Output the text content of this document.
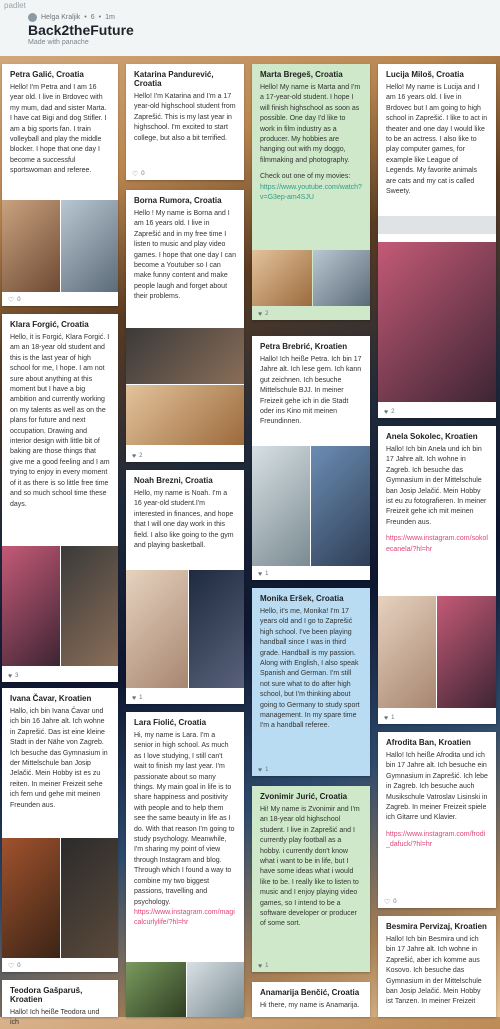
padlet
Helga Kraljik • 6 • 1m
Back2theFuture
Made with panache
Petra Galić, Croatia

Hello! I'm Petra and I am 16 year old. I live in Brdovec with my mum, dad and sister Marta. I have cat Bigi and dog Stifler. I am a big sports fan. I train volleyball and play the middle blocker. I hope that one day I become a successful sportswoman and referee.

♡ 0
Klara Forgić, Croatia

Hello, it is Forgić, Klara Forgić. I am an 18-year old student and this is the last year of high school for me, I hope. I am not sure about anything at this moment but I have a big ambition and currently working on my talents as well as on the plans for future and next occupation. Drawing and interior design with little bit of baking are those things that give me a good feeling and I am trying to enjoy in every moment of it as there is so little free time and so much school time these days.

♥ 3
Ivana Čavar, Kroatien

Hallo, ich bin Ivana Čavar und ich bin 16 Jahre alt. Ich wohne in Zaprešić. Das ist eine kleine Stadt in der Nähe von Zagreb. Ich besuche das Gymnasium in der Mittelschule ban Josip Jelačić. Mein Hobby ist es zu reiten. In meiner Freizeit sehe ich fern und gehe mit meinen Freunden aus.

♡ 0
Teodora Gašparuš, Kroatien

Hallo! Ich heiße Teodora und ich

Katarina Pandurević, Croatia

Hello! I'm Katarina and I'm a 17 year-old highschool student from Zaprešić. This is my last year in highschool. I'm excited to start college, but also a bit terrified.

♡ 0
Borna Rumora, Croatia

Hello ! My name is Borna and I am 16 years old. I live in Zaprešić and in my free time I listen to music and play video games. I hope that one day I can become a Youtuber so I can make funny content and make people laugh and forget about their problems.

♥ 2
Noah Brezni, Croatia

Hello, my name is Noah. I'm a 16 year-old student.I'm interested in finances, and hope that I will one day work in this field. I also like going to the gym and playing basketball.

♥ 1
Lara Fiolić, Croatia

Hi, my name is Lara. I'm a senior in high school. As much as I love studying, I still can't wait to finish my last year. I'm passionate about so many things. My main goal in life is to share happiness and positivity with people and to help them see the same beauty in life as I do. With that reason I'm going to study psychology. Meanwhile, I'm sharing my point of view through Instagram and blog. Through which I found a way to combine my two biggest passions, travelling and psychology.

https://www.instagram.com/magicalcurlylife/?hl=hr

Marta Bregeš, Croatia

Hello! My name is Marta and I'm a 17-year-old student. I hope I will finish highschool as soon as possible. One day I'd like to work in film industry as a producer. My hobbies are hanging out with my doggo, filmmaking and photography.

Check out one of my movies:

https://www.youtube.com/watch?v=G3ep-am4SJU

♥ 2
Petra Brebrić, Kroatien

Hallo! Ich heiße Petra. Ich bin 17 Jahre alt. Ich lese gern. Ich kann gut zeichnen. Ich besuche Mittelschule BJJ. In meiner Freizeit gehe ich in die Stadt oder ins Kino mit meinen Freundinnen.

♥ 1
Monika Eršek, Croatia

Hello, it's me, Monika! I'm 17 years old and I go to Zaprešić high school. I've been playing handball since I was in third grade. Handball is my passion. Along with English, I also speak Spanish and German. I'm still not sure what to do after high school, but I'm thinking about going to Germany to study sport management. In my spare time I'm a handball referee.

♥ 1
Zvonimir Jurić, Croatia

Hi! My name is Zvonimir and I'm an 18-year old highschool student. I live in Zaprešić and I currently play football as a hobby. i currently don't know what i want to be in life, but I have some ideas what i would like to be. I really like to listen to music and I enjoy playing video games, so I intend to be a software developer or producer of some sort.

♥ 1
Anamarija Benčić, Croatia

Hi there, my name is Anamarija.

Lucija Miloš, Croatia

Hello! My name is Lucija and I am 16 years old. I live in Brdovec but I am going to high school in Zaprešić. I like to act in theater and one day I would like to be an actress. I also like to play computer games, for example like League of Legends. My favorite animals are cats and my cat is called Sweety.

♥ 2
Anela Sokolec, Kroatien

Hallo! Ich bin Anela und ich bin 17 Jahre alt. Ich wohne in Zagreb. Ich besuche das Gymnasium in der Mittelschule ban Josip Jelačić. Mein Hobby ist eu zu fotografieren. In meiner Freizeit gehe ich mit meinen Freunden aus.

https://www.instagram.com/sokolecanela/?hl=hr

♥ 1
Afrodita Ban, Kroatien

Hallo! Ich heiße Afrodita und ich bin 17 Jahre alt. Ich besuche ein Gymnasium in Zaprešić. Ich lebe in Zagreb. Ich besuche auch Musikschule Vatroslav Lisinski in Zagreb. In meiner Freizeit spiele ich Gitarre und Klavier.

https://www.instagram.com/frodi_dafuck/?hl=hr

♡ 0
Besmira Pervizaj, Kroatien

Hallo! Ich bin Besmira und ich bin 17 Jahre alt. Ich wohne in Zaprešić, aber ich komme aus Kosovo. Ich besuche das Gymnasium in der Mittelschule ban Josip Jelačić. Mein Hobby ist Tanzen. In meiner Freizeit
